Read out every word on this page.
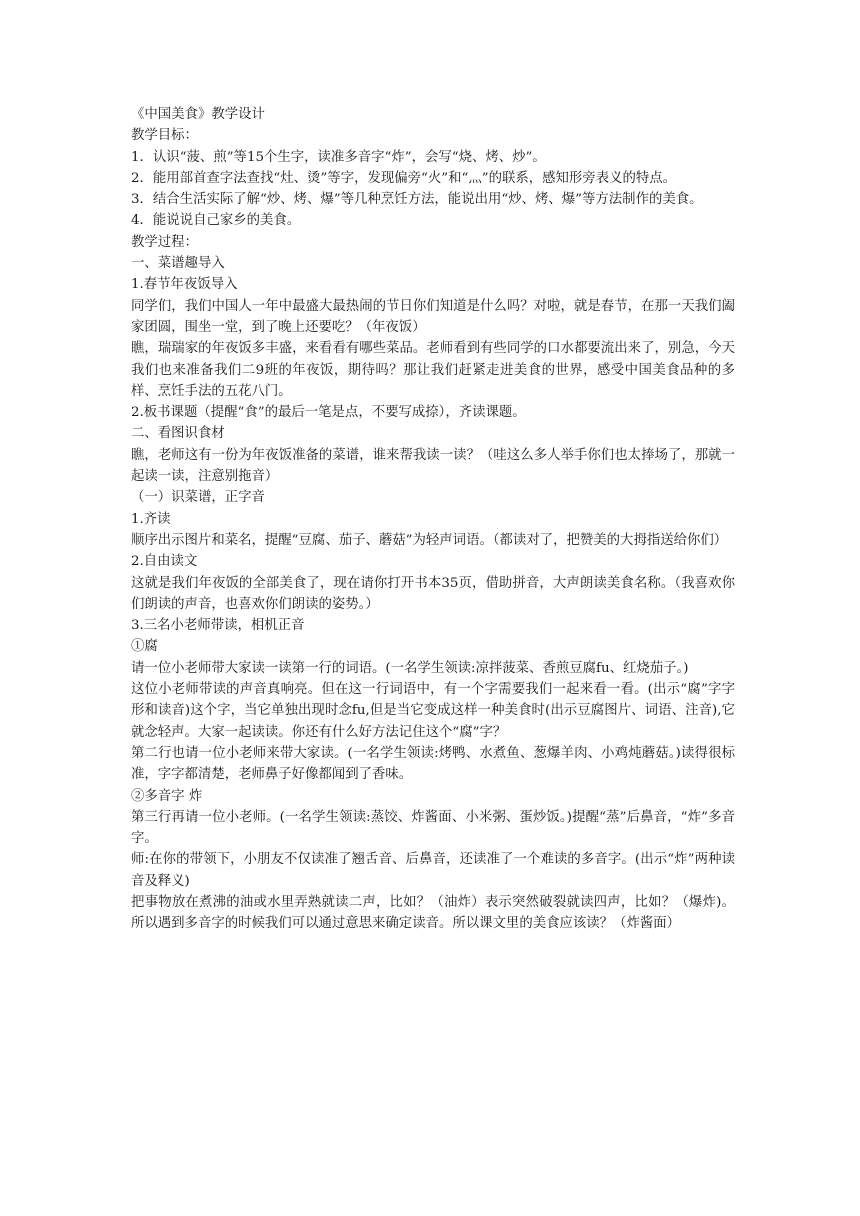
《中国美食》教学设计

教学目标：

1．认识“菠、煎”等15个生字，读准多音字“炸”，会写“烧、烤、炒”。

2．能用部首查字法查找“灶、烫”等字，发现偏旁“火”和“灬”的联系，感知形旁表义的特点。

3．结合生活实际了解“炒、烤、爆”等几种烹饪方法，能说出用“炒、烤、爆”等方法制作的美食。

4．能说说自己家乡的美食。

教学过程：

一、菜谱趣导入

1.春节年夜饭导入

同学们，我们中国人一年中最盛大最热闹的节日你们知道是什么吗？对啦，就是春节，在那一天我们阖家团圆，围坐一堂，到了晚上还要吃？（年夜饭）

瞧，瑞瑞家的年夜饭多丰盛，来看看有哪些菜品。老师看到有些同学的口水都要流出来了，别急，今天我们也来准备我们二9班的年夜饭，期待吗？那让我们赶紧走进美食的世界，感受中国美食品种的多样、烹饪手法的五花八门。

2.板书课题（提醒“食”的最后一笔是点，不要写成捺），齐读课题。

二、看图识食材

瞧，老师这有一份为年夜饭准备的菜谱，谁来帮我读一读？（哇这么多人举手你们也太捧场了，那就一起读一读，注意别拖音）

（一）识菜谱，正字音

1.齐读

顺序出示图片和菜名，提醒“豆腐、茄子、蘑菇”为轻声词语。（都读对了，把赞美的大拇指送给你们）

2.自由读文

这就是我们年夜饭的全部美食了，现在请你打开书本35页，借助拼音，大声朗读美食名称。（我喜欢你们朗读的声音，也喜欢你们朗读的姿势。）

3.三名小老师带读，相机正音

①腐

请一位小老师带大家读一读第一行的词语。(一名学生领读:凉拌菠菜、香煎豆腐fu、红烧茄子。)

这位小老师带读的声音真响亮。但在这一行词语中，有一个字需要我们一起来看一看。(出示“腐”字字形和读音)这个字，当它单独出现时念fu,但是当它变成这样一种美食时(出示豆腐图片、词语、注音),它就念轻声。大家一起读读。你还有什么好方法记住这个“腐”字？

第二行也请一位小老师来带大家读。(一名学生领读:烤鸭、水煮鱼、葱爆羊肉、小鸡炖蘑菇。)读得很标准，字字都清楚，老师鼻子好像都闻到了香味。

②多音字 炸

第三行再请一位小老师。(一名学生领读:蒸饺、炸酱面、小米粥、蛋炒饭。)提醒“蒸”后鼻音，“炸”多音字。

师:在你的带领下，小朋友不仅读准了翘舌音、后鼻音，还读准了一个难读的多音字。(出示“炸”两种读音及释义)

把事物放在煮沸的油或水里弄熟就读二声，比如？（油炸）表示突然破裂就读四声，比如？（爆炸)。所以遇到多音字的时候我们可以通过意思来确定读音。所以课文里的美食应该读？（炸酱面）
